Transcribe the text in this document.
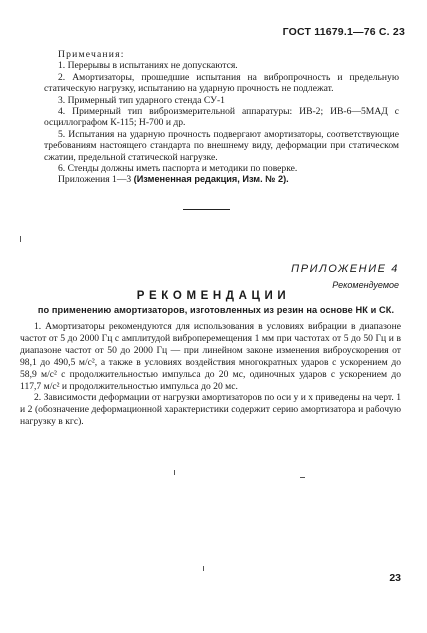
ГОСТ 11679.1—76 С. 23

Примечания:

1. Перерывы в испытаниях не допускаются.

2. Амортизаторы, прошедшие испытания на вибропрочность и предельную статическую нагрузку, испытанию на ударную прочность не подлежат.

3. Примерный тип ударного стенда СУ-1

4. Примерный тип виброизмерительной аппаратуры: ИВ-2; ИВ-6—5МАД с осциллографом К-115; Н-700 и др.

5. Испытания на ударную прочность подвергают амортизаторы, соответствующие требованиям настоящего стандарта по внешнему виду, деформации при статическом сжатии, предельной статической нагрузке.

6. Стенды должны иметь паспорта и методики по поверке.

Приложения 1—3 (Измененная редакция, Изм. № 2).

ПРИЛОЖЕНИЕ 4
Рекомендуемое
РЕКОМЕНДАЦИИ
по применению амортизаторов, изготовленных из резин на основе НК и СК.

1. Амортизаторы рекомендуются для использования в условиях вибрации в диапазоне частот от 5 до 2000 Гц с амплитудой виброперемещения 1 мм при частотах от 5 до 50 Гц и в диапазоне частот от 50 до 2000 Гц — при линейном законе изменения виброускорения от 98,1 до 490,5 м/с², а также в условиях воздействия многократных ударов с ускорением до 58,9 м/с² с продолжительностью импульса до 20 мс, одиночных ударов с ускорением до 117,7 м/с² и продолжительностью импульса до 20 мс.

2. Зависимости деформации от нагрузки амортизаторов по оси y и x приведены на черт. 1 и 2 (обозначение деформационной характеристики содержит серию амортизатора и рабочую нагрузку в кгс).

23
